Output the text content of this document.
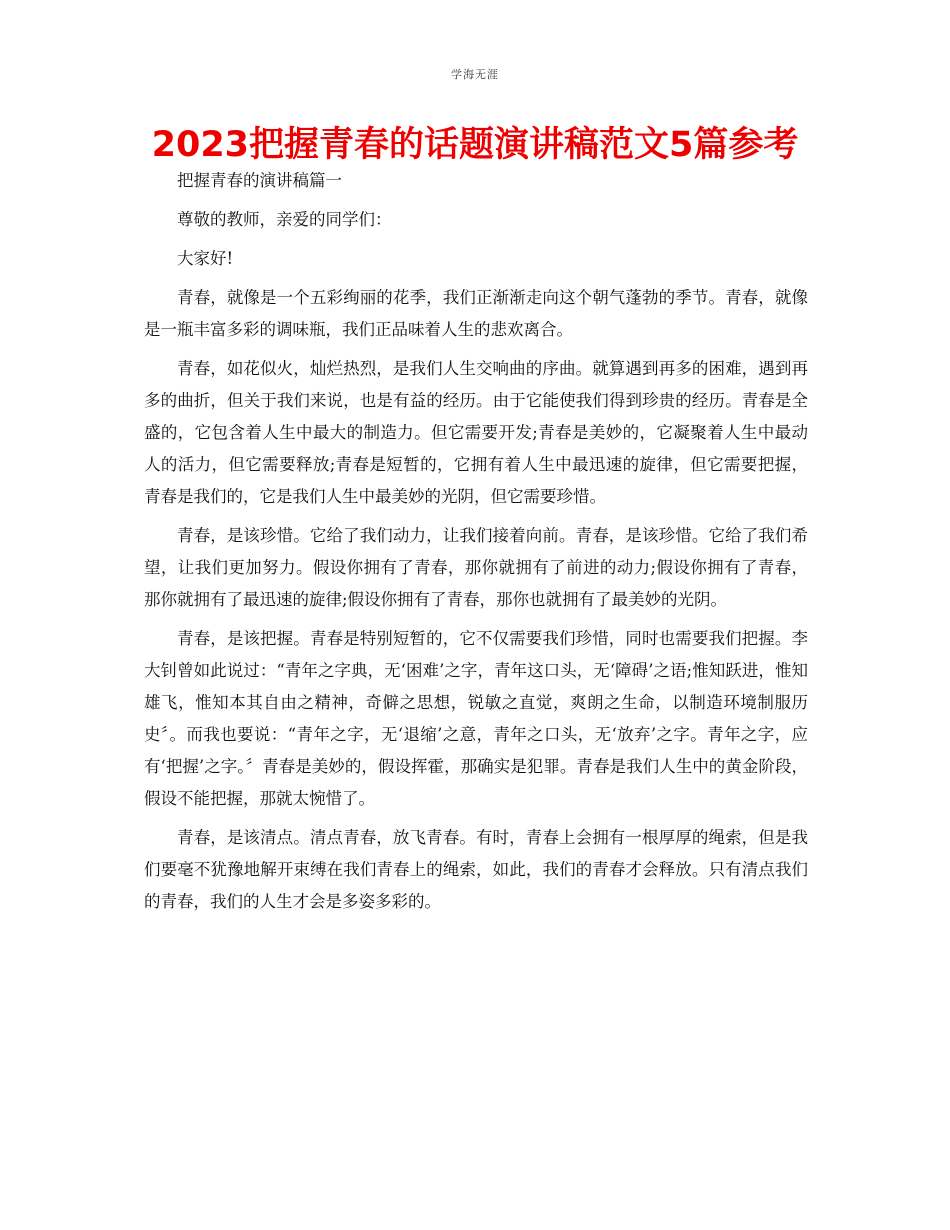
学海无涯
2023把握青春的话题演讲稿范文5篇参考

把握青春的演讲稿篇一

尊敬的教师，亲爱的同学们：

大家好!

青春，就像是一个五彩绚丽的花季，我们正渐渐走向这个朝气蓬勃的季节。青春，就像是一瓶丰富多彩的调味瓶，我们正品味着人生的悲欢离合。

青春，如花似火，灿烂热烈，是我们人生交响曲的序曲。就算遇到再多的困难，遇到再多的曲折，但关于我们来说，也是有益的经历。由于它能使我们得到珍贵的经历。青春是全盛的，它包含着人生中最大的制造力。但它需要开发;青春是美妙的，它凝聚着人生中最动人的活力，但它需要释放;青春是短暂的，它拥有着人生中最迅速的旋律，但它需要把握，青春是我们的，它是我们人生中最美妙的光阴，但它需要珍惜。

青春，是该珍惜。它给了我们动力，让我们接着向前。青春，是该珍惜。它给了我们希望，让我们更加努力。假设你拥有了青春，那你就拥有了前进的动力;假设你拥有了青春，那你就拥有了最迅速的旋律;假设你拥有了青春，那你也就拥有了最美妙的光阴。

青春，是该把握。青春是特别短暂的，它不仅需要我们珍惜，同时也需要我们把握。李大钊曾如此说过：“青年之字典，无‘困难’之字，青年这口头，无‘障碍’之语;惟知跃进，惟知雄飞，惟知本其自由之精神，奇僻之思想，锐敏之直觉，爽朗之生命，以制造环境制服历史〞。而我也要说：“青年之字，无‘退缩’之意，青年之口头，无‘放弃’之字。青年之字，应有‘把握’之字。〞青春是美妙的，假设挥霍，那确实是犯罪。青春是我们人生中的黄金阶段，假设不能把握，那就太惋惜了。

青春，是该清点。清点青春，放飞青春。有时，青春上会拥有一根厚厚的绳索，但是我们要毫不犹豫地解开束缚在我们青春上的绳索，如此，我们的青春才会释放。只有清点我们的青春，我们的人生才会是多姿多彩的。
